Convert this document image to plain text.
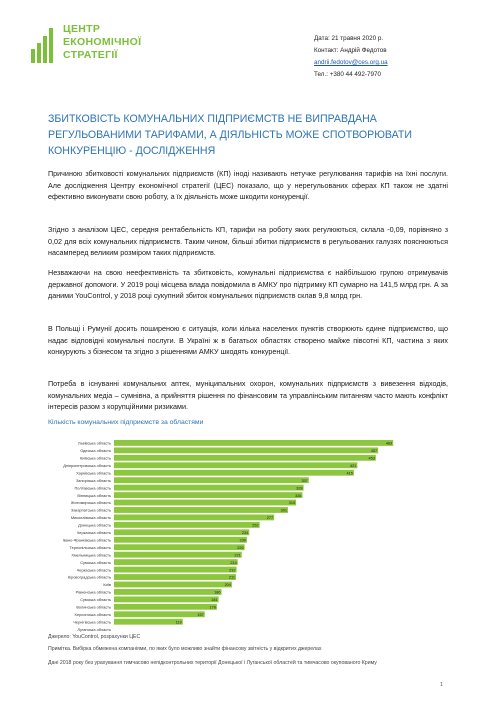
ЦЕНТР
ЕКОНОМІЧНОЇ
СТРАТЕГІЇ
Дата: 21 травня 2020 р.
Контакт: Андрій Федотов
andrii.fedotov@ces.org.ua
Тел.: +380 44 492-7970
ЗБИТКОВІСТЬ КОМУНАЛЬНИХ ПІДПРИЄМСТВ НЕ ВИПРАВДАНА РЕГУЛЬОВАНИМИ ТАРИФАМИ, А ДІЯЛЬНІСТЬ МОЖЕ СПОТВОРЮВАТИ КОНКУРЕНЦІЮ - ДОСЛІДЖЕННЯ

Причиною збитковості комунальних підприємств (КП) іноді називають нетучке регулювання тарифів на їхні послуги. Але дослідження Центру економічної стратегії (ЦЕС) показало, що у нерегульованих сферах КП також не здатні ефективно виконувати свою роботу, а їх діяльність може шкодити конкуренції.

Згідно з аналізом ЦЕС, середня рентабельність КП, тарифи на роботу яких регулюються, склала -0,09, порівняно з 0,02 для всіх комунальних підприємств. Таким чином, більші збитки підприємств в регульованих галузях пояснюються насамперед великим розміром таких підприємств.

Незважаючи на свою неефективність та збитковість, комунальні підприємства є найбільшою групою отримувачів державної допомоги. У 2019 році місцева влада повідомила в АМКУ про підтримку КП сумарно на 141,5 млрд грн. А за даними YouControl, у 2018 році сукупний збиток комунальних підприємств склав 9,8 млрд грн.

В Польщі і Румунії досить поширеною є ситуація, коли кілька населених пунктів створюють єдине підприємство, що надає відповідні комунальні послуги. В Україні ж в багатьох областях створено майже півсотні КП, частина з яких конкурують з бізнесом та згідно з рішеннями АМКУ шкодять конкуренції.

Потреба в існуванні комунальних аптек, муніципальних охорон, комунальних підприємств з вивезення відходів, комунальних медіа – сумнівна, а прийняття рішення по фінансовим та управлінським питанням часто мають конфлікт інтересів разом з корупційними ризиками.

Кількість комунальних підприємств за областями
Львівська область	483
Одеська область	457
Київська область	453
Дніпропетровська область	421
Харківська область	415
Запорізька область	337
Полтавська область	328
Вінницька область	326
Житомирська область	315
Закарпатська область	301
Миколаївська область	277
Донецька область	252
Черкаська область	234
Івано-Франківська область	230
Тернопільська область	226
Хмельницька область	221
Сумська область	214
Черкаська область	212
Кіровоградська область	211
Київ	204
Рівненська область	186
Сумська область	181
Волинська область	178
Херсонська область	157
Чернігівська область	119
Луганська область
Джерело: YouControl, розрахунки ЦЕС
Примітка. Вибірка обмежена компаніями, по яких було можливо знайти фінансову звітність у відкритих джерелах
Дані 2018 року без урахування тимчасово непідконтрольних території Донецької і Луганської областей та тимчасово окупованого Криму
1
